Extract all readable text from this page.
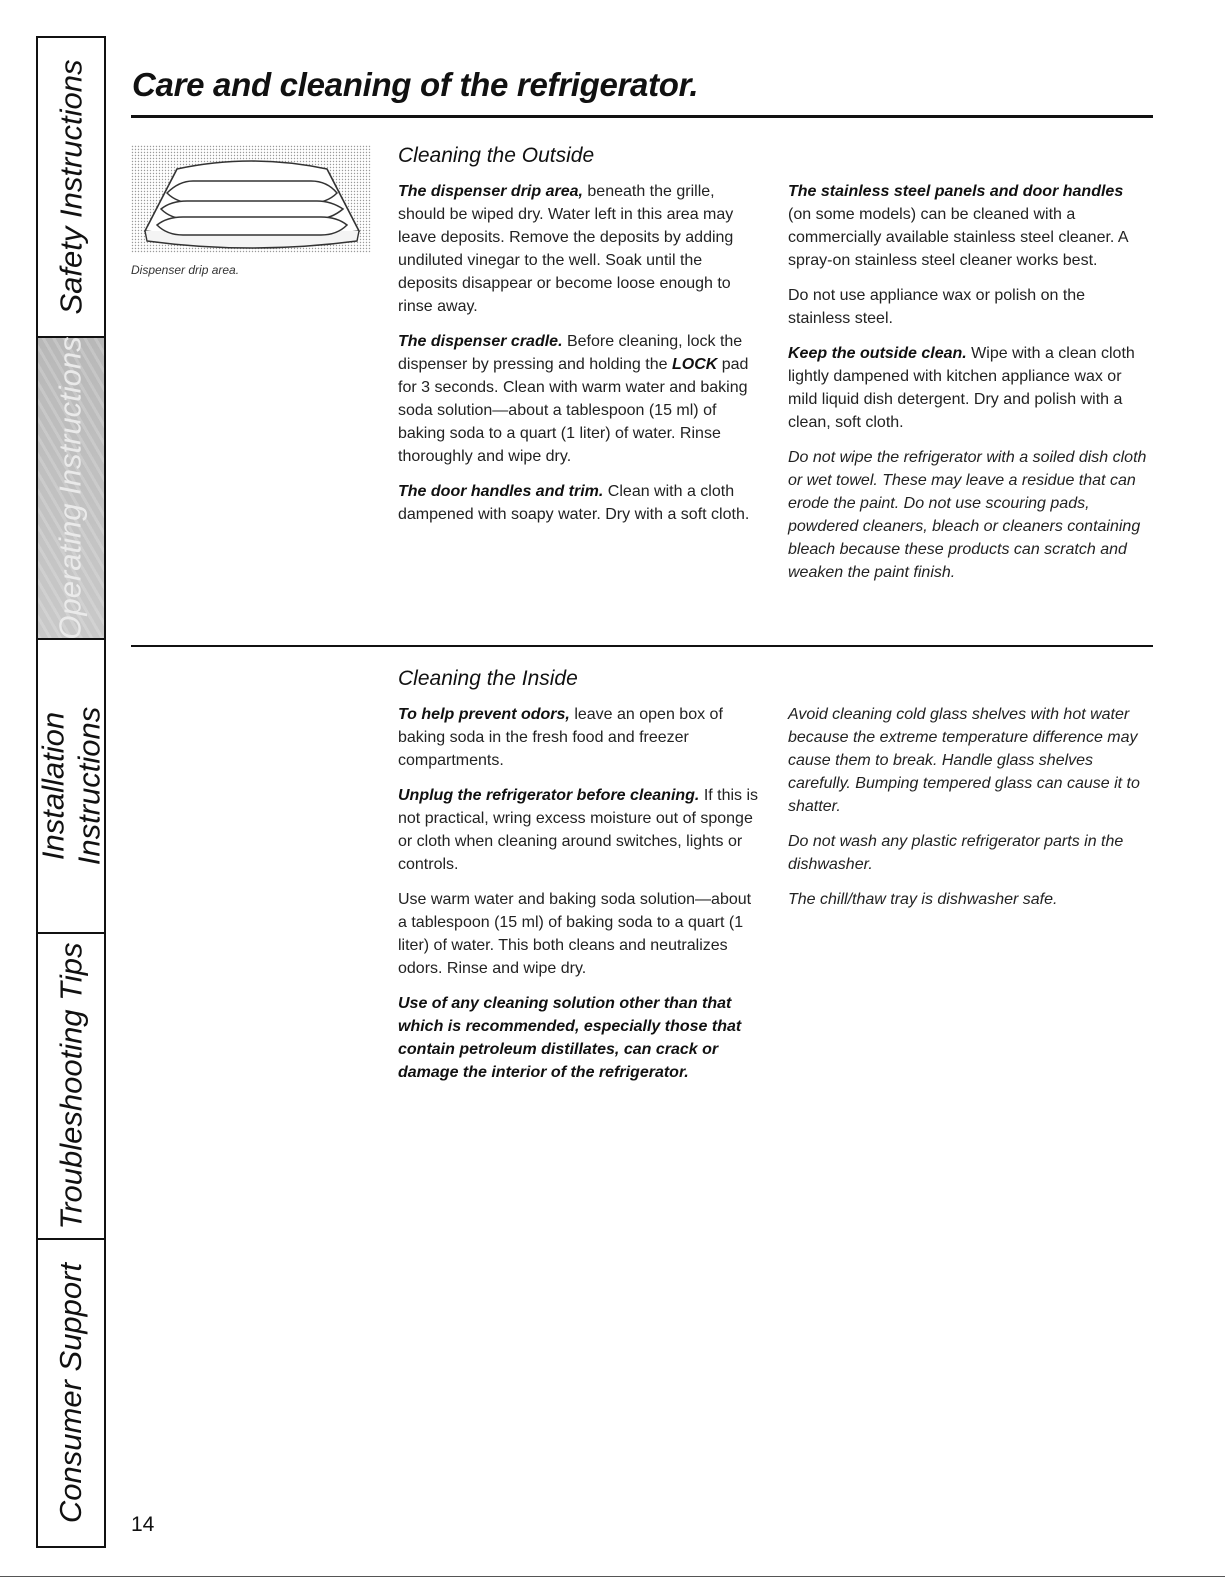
Safety Instructions
Operating Instructions
Installation
Instructions
Troubleshooting Tips
Consumer Support
Care and cleaning of the refrigerator.
Dispenser drip area.
Cleaning the Outside

The dispenser drip area, beneath the grille, should be wiped dry. Water left in this area may leave deposits. Remove the deposits by adding undiluted vinegar to the well. Soak until the deposits disappear or become loose enough to rinse away.

The dispenser cradle. Before cleaning, lock the dispenser by pressing and holding the LOCK pad for 3 seconds. Clean with warm water and baking soda solution—about a tablespoon (15 ml) of baking soda to a quart (1 liter) of water. Rinse thoroughly and wipe dry.

The door handles and trim. Clean with a cloth dampened with soapy water. Dry with a soft cloth.

The stainless steel panels and door handles (on some models) can be cleaned with a commercially available stainless steel cleaner. A spray-on stainless steel cleaner works best.

Do not use appliance wax or polish on the stainless steel.

Keep the outside clean. Wipe with a clean cloth lightly dampened with kitchen appliance wax or mild liquid dish detergent. Dry and polish with a clean, soft cloth.

Do not wipe the refrigerator with a soiled dish cloth or wet towel. These may leave a residue that can erode the paint. Do not use scouring pads, powdered cleaners, bleach or cleaners containing bleach because these products can scratch and weaken the paint finish.

Cleaning the Inside

To help prevent odors, leave an open box of baking soda in the fresh food and freezer compartments.

Unplug the refrigerator before cleaning. If this is not practical, wring excess moisture out of sponge or cloth when cleaning around switches, lights or controls.

Use warm water and baking soda solution—about a tablespoon (15 ml) of baking soda to a quart (1 liter) of water. This both cleans and neutralizes odors. Rinse and wipe dry.

Use of any cleaning solution other than that which is recommended, especially those that contain petroleum distillates, can crack or damage the interior of the refrigerator.

Avoid cleaning cold glass shelves with hot water because the extreme temperature difference may cause them to break. Handle glass shelves carefully. Bumping tempered glass can cause it to shatter.

Do not wash any plastic refrigerator parts in the dishwasher.

The chill/thaw tray is dishwasher safe.

14
